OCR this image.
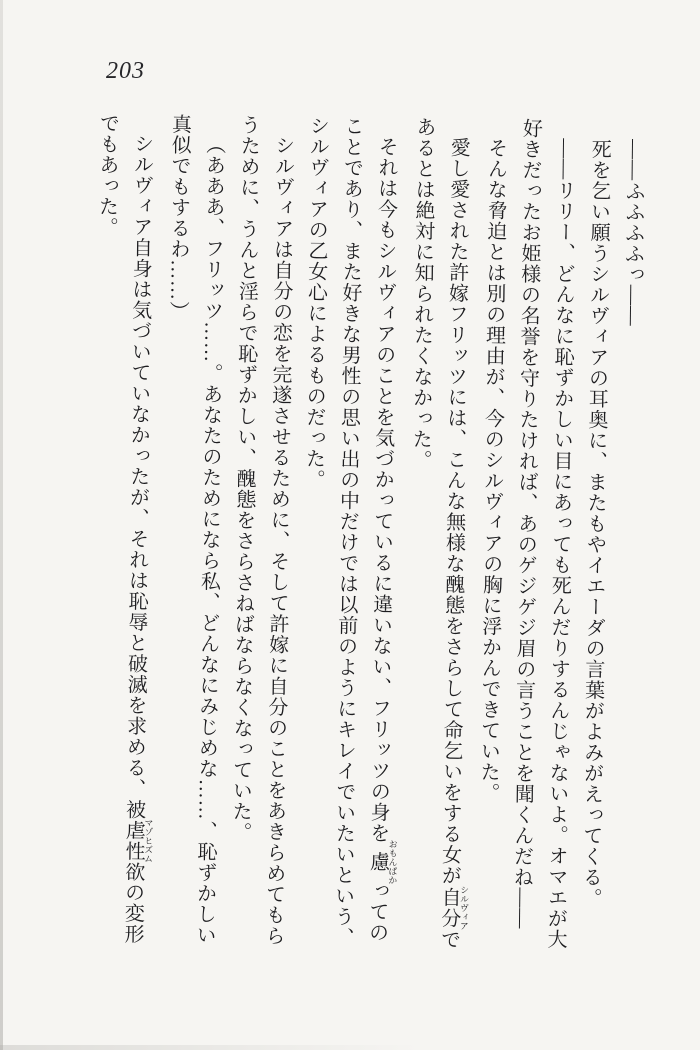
203

――ふふふふっ――

死を乞い願うシルヴィアの耳奥に、またもやイエーダの言葉がよみがえってくる。

――リリー、どんなに恥ずかしい目にあっても死んだりするんじゃないよ。オマエが大好きだったお姫様の名誉を守りたければ、あのゲジゲジ眉の言うことを聞くんだね――

そんな脅迫とは別の理由が、今のシルヴィアの胸に浮かんできていた。

愛し愛された許嫁フリッツには、こんな無様な醜態をさらして命乞いをする女が自分シルヴィアであるとは絶対に知られたくなかった。

それは今もシルヴィアのことを気づかっているに違いない、フリッツの身を慮おもんぱかってのことであり、また好きな男性の思い出の中だけでは以前のようにキレイでいたいという、シルヴィアの乙女心によるものだった。

シルヴィアは自分の恋を完遂させるために、そして許嫁に自分のことをあきらめてもらうために、うんと淫らで恥ずかしい、醜態をさらさねばならなくなっていた。

（あああ、フリッツ……。あなたのためになら私、どんなにみじめな……、恥ずかしい真似でもするわ……）

シルヴィア自身は気づいていなかったが、それは恥辱と破滅を求める、被虐性欲マゾヒズムの変形でもあった。
